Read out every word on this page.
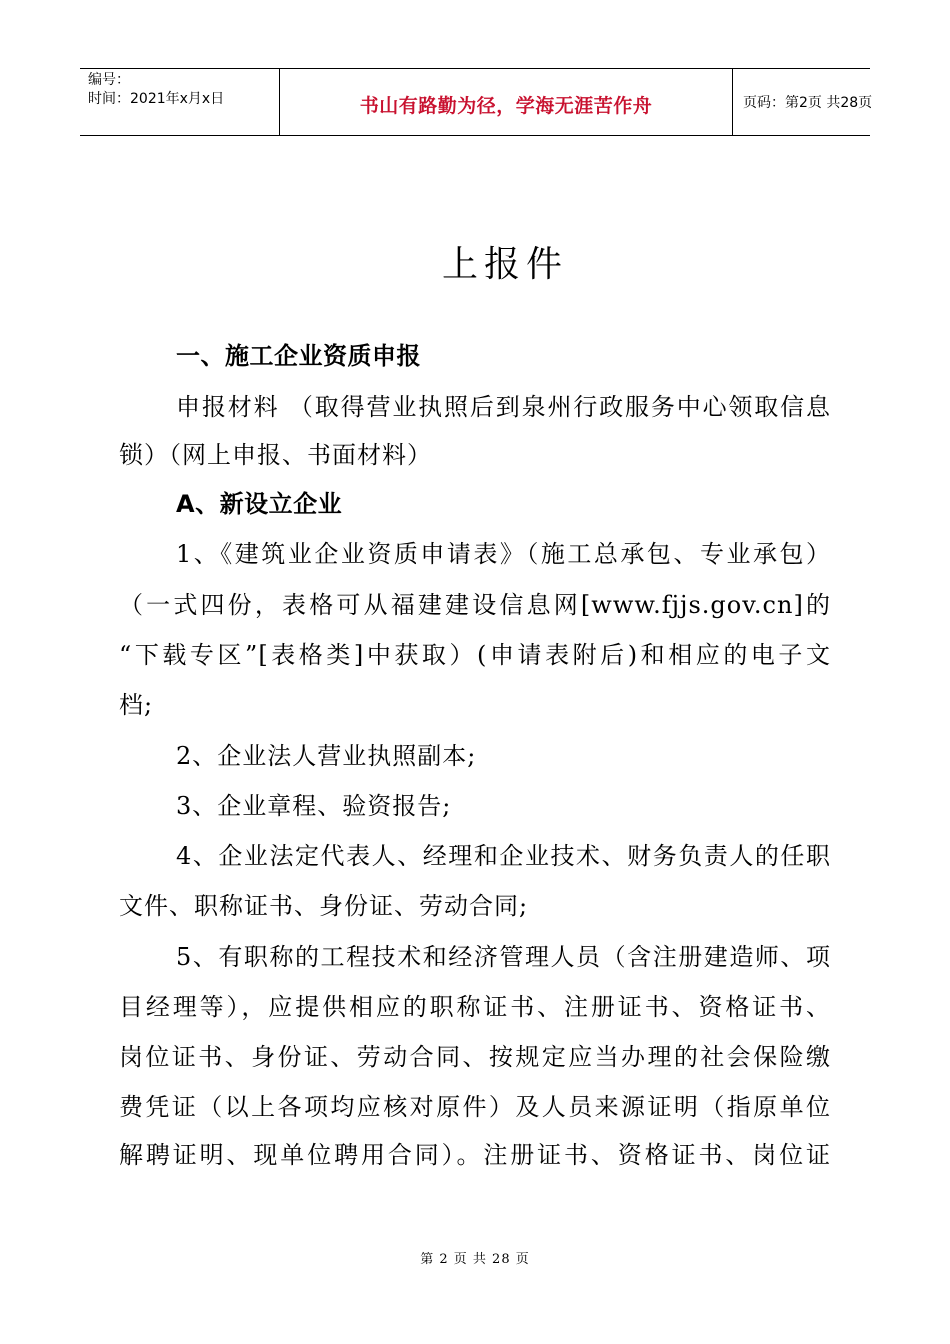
编号：
时间：2021年x月x日	书山有路勤为径，学海无涯苦作舟	页码：第2页 共28页
上报件
一、施工企业资质申报
申报材料 （取得营业执照后到泉州行政服务中心领取信息
锁）（网上申报、书面材料）
A、新设立企业
1、《建筑业企业资质申请表》（施工总承包、专业承包）
（一式四份，表格可从福建建设信息网[www.fjjs.gov.cn]的
“下载专区”[表格类]中获取）(申请表附后)和相应的电子文
档;
2、企业法人营业执照副本;
3、企业章程、验资报告;
4、企业法定代表人、经理和企业技术、财务负责人的任职
文件、职称证书、身份证、劳动合同;
5、有职称的工程技术和经济管理人员（含注册建造师、项
目经理等），应提供相应的职称证书、注册证书、资格证书、
岗位证书、身份证、劳动合同、按规定应当办理的社会保险缴
费凭证（以上各项均应核对原件）及人员来源证明（指原单位
解聘证明、现单位聘用合同）。注册证书、资格证书、岗位证
第 2 页 共 28 页
